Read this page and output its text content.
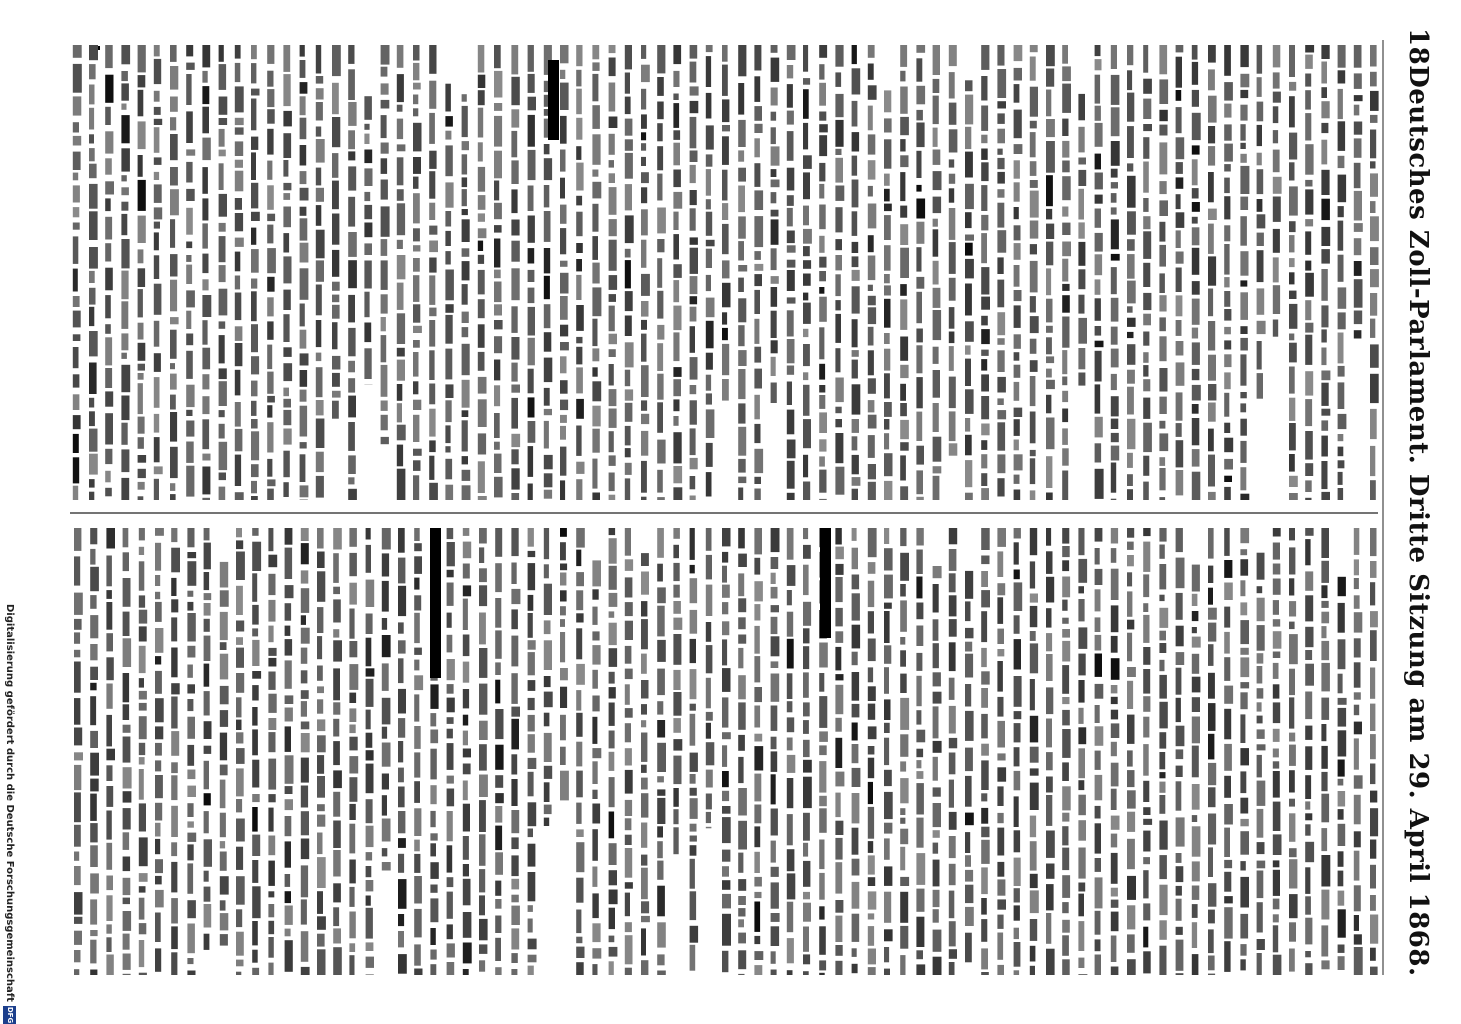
18
Deutsches Zoll-Parlament. Dritte Sitzung am 29. April 1868.
Digitalisierung gefördert durch die Deutsche Forschungsgemeinschaft
DFG
